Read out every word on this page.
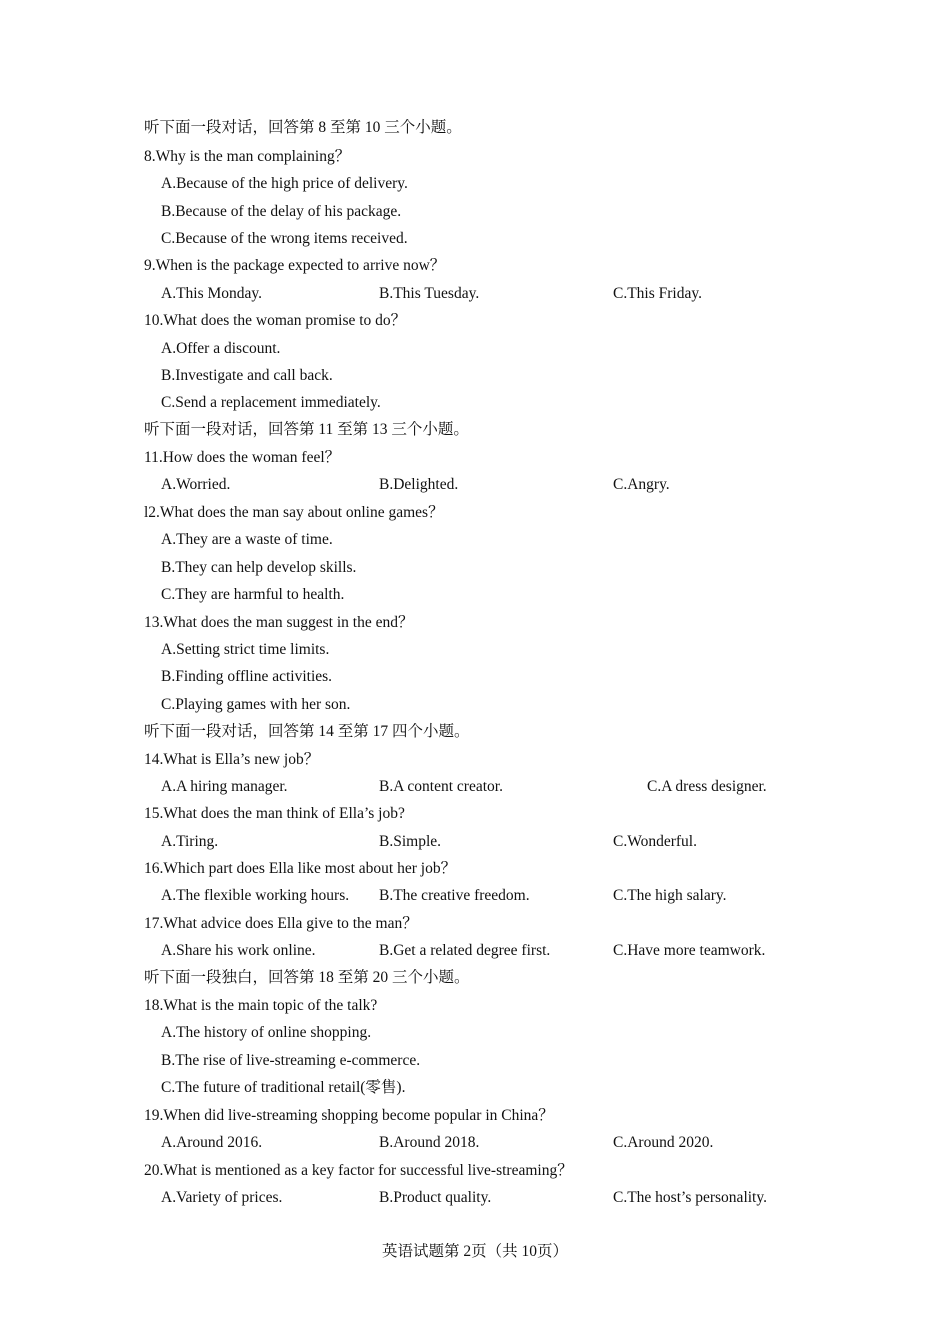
听下面一段对话，回答第 8 至第 10 三个小题。
8.Why is the man complaining？
A.Because of the high price of delivery.
B.Because of the delay of his package.
C.Because of the wrong items received.
9.When is the package expected to arrive now？
A.This Monday.	B.This Tuesday.	C.This Friday.
10.What does the woman promise to do？
A.Offer a discount.
B.Investigate and call back.
C.Send a replacement immediately.
听下面一段对话，回答第 11 至第 13 三个小题。
11.How does the woman feel？
A.Worried.	B.Delighted.	C.Angry.
l2.What does the man say about online games？
A.They are a waste of time.
B.They can help develop skills.
C.They are harmful to health.
13.What does the man suggest in the end？
A.Setting strict time limits.
B.Finding offline activities.
C.Playing games with her son.
听下面一段对话，回答第 14 至第 17 四个小题。
14.What is Ella’s new job？
A.A hiring manager.	B.A content creator.	C.A dress designer.
15.What does the man think of Ella’s job?
A.Tiring.	B.Simple.	C.Wonderful.
16.Which part does Ella like most about her job？
A.The flexible working hours. B.The creative freedom.	C.The high salary.
17.What advice does Ella give to the man？
A.Share his work online.	B.Get a related degree first.	C.Have more teamwork.
听下面一段独白，回答第 18 至第 20 三个小题。
18.What is the main topic of the talk?
A.The history of online shopping.
B.The rise of live-streaming e-commerce.
C.The future of traditional retail(零售).
19.When did live-streaming shopping become popular in China？
A.Around 2016.	B.Around 2018.	C.Around 2020.
20.What is mentioned as a key factor for successful live-streaming？
A.Variety of prices.	B.Product quality.	C.The host’s personality.
英语试题第 2页（共 10页）
